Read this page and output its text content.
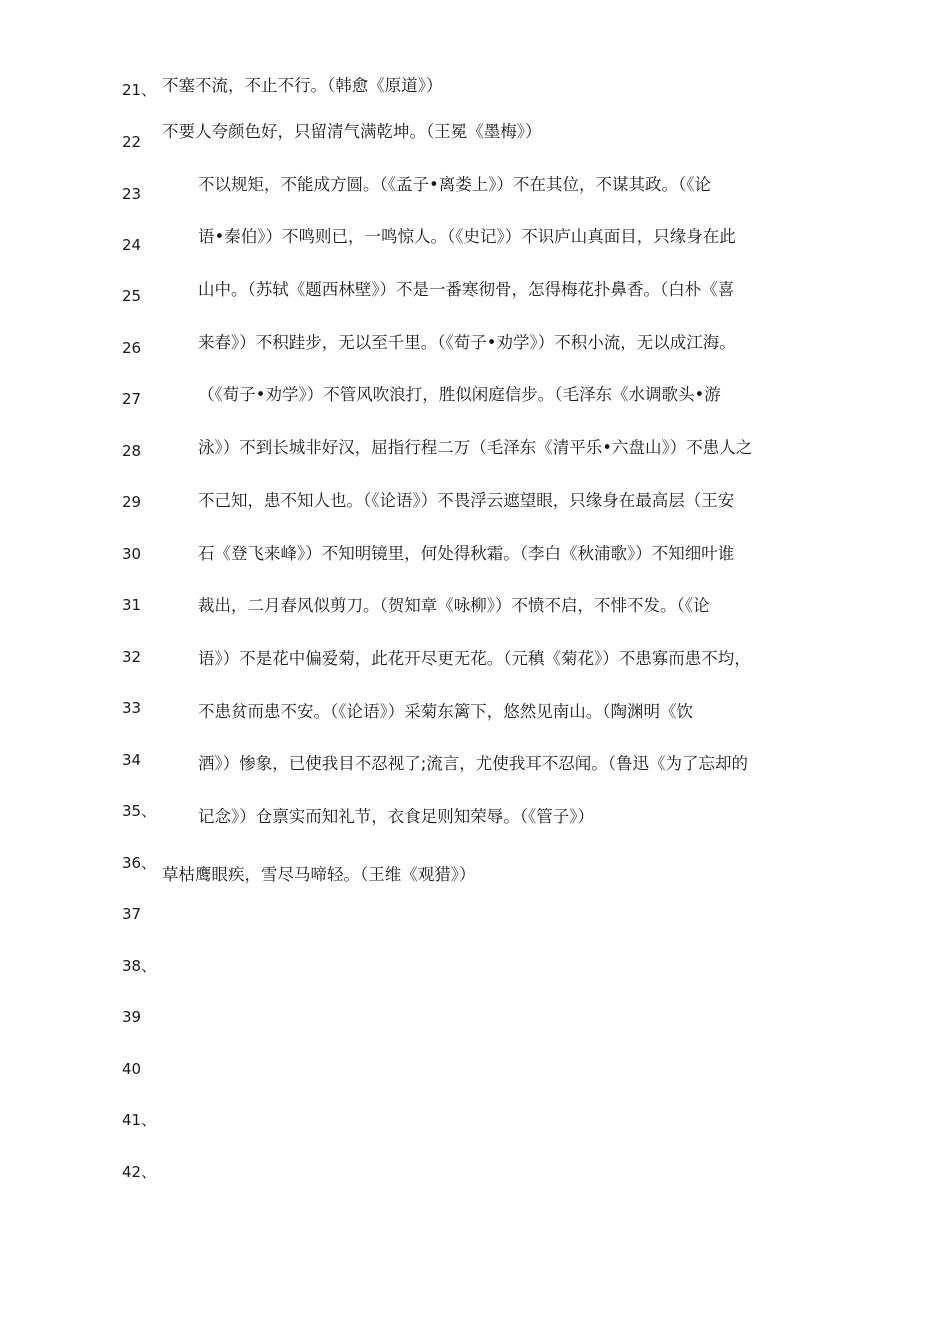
21、
22
23
24
25
26
27
28
29
30
31
32
33
34
35、
36、
37
38、
39
40
41、
42、
不塞不流，不止不行。（韩愈《原道》）
不要人夸颜色好，只留清气满乾坤。（王冕《墨梅》）
不以规矩，不能成方圆。（《孟子•离娄上》）不在其位，不谋其政。（《论
语•秦伯》）不鸣则已，一鸣惊人。（《史记》）不识庐山真面目，只缘身在此
山中。（苏轼《题西林壁》）不是一番寒彻骨，怎得梅花扑鼻香。（白朴《喜
来春》）不积跬步，无以至千里。（《荀子•劝学》）不积小流，无以成江海。
（《荀子•劝学》）不管风吹浪打，胜似闲庭信步。（毛泽东《水调歌头•游
泳》）不到长城非好汉，屈指行程二万（毛泽东《清平乐•六盘山》）不患人之
不己知，患不知人也。（《论语》）不畏浮云遮望眼，只缘身在最高层（王安
石《登飞来峰》）不知明镜里，何处得秋霜。（李白《秋浦歌》）不知细叶谁
裁出，二月春风似剪刀。（贺知章《咏柳》）不愤不启，不悱不发。（《论
语》）不是花中偏爱菊，此花开尽更无花。（元稹《菊花》）不患寡而患不均，
不患贫而患不安。（《论语》）采菊东篱下，悠然见南山。（陶渊明《饮
酒》）惨象，已使我目不忍视了;流言，尤使我耳不忍闻。（鲁迅《为了忘却的
记念》）仓禀实而知礼节，衣食足则知荣辱。（《管子》）
草枯鹰眼疾，雪尽马啼轻。（王维《观猎》）
